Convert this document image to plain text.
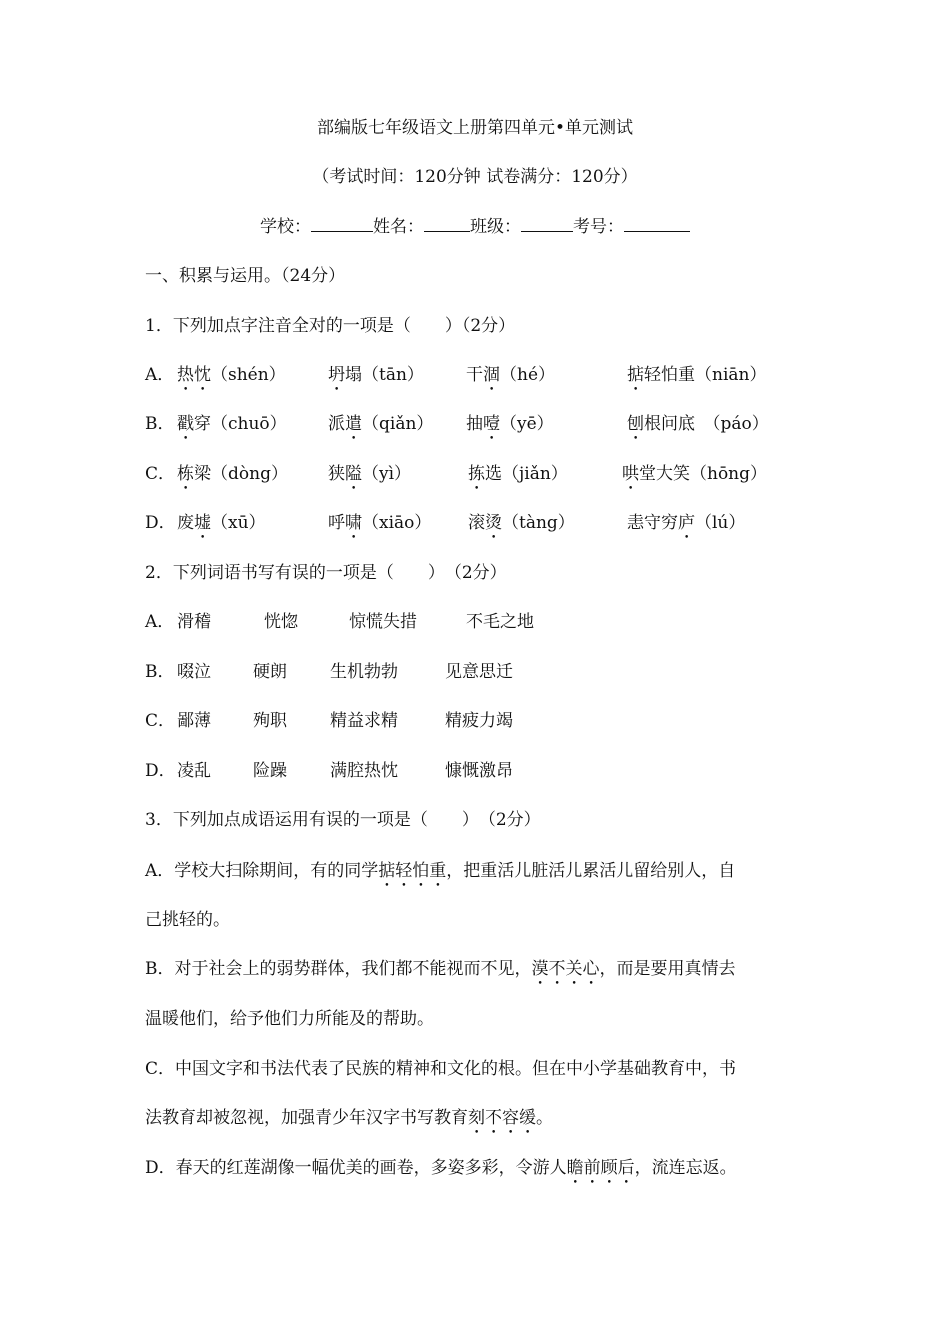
部编版七年级语文上册第四单元•单元测试
（考试时间：120分钟 试卷满分：120分）
学校：	姓名：	班级：	考号：
一、积累与运用。（24分）
1．下列加点字注音全对的一项是（　　）（2分）
A． 热忱（shén） 坍塌（tān） 干涸（hé）	掂轻怕重（niān）
B． 戳穿（chuō） 派遣（qiǎn） 抽噎（yē）	刨根问底　（páo）
C． 栋梁（dòng） 狭隘（yì）	拣选（jiǎn）	哄堂大笑（hōng）
D． 废墟（xū）	呼啸（xiāo） 滚烫（tàng）	恚守穷庐（lú）
2．下列词语书写有误的一项是（　　）　（2分）
A． 滑稽	恍惚	惊慌失措	不毛之地
B． 啜泣 硬朗	生机勃勃	见意思迁
C． 鄙薄 殉职	精益求精	精疲力竭
D． 凌乱 险躁	满腔热忱	慷慨激昂
3．下列加点成语运用有误的一项是（　　）　（2分）
A．学校大扫除期间，有的同学掂轻怕重，把重活儿脏活儿累活儿留给别人，自
己挑轻的。
B．对于社会上的弱势群体，我们都不能视而不见，漠不关心，而是要用真情去
温暖他们，给予他们力所能及的帮助。
C．中国文字和书法代表了民族的精神和文化的根。但在中小学基础教育中，书
法教育却被忽视，加强青少年汉字书写教育刻不容缓。
D．春天的红莲湖像一幅优美的画卷，多姿多彩，令游人瞻前顾后，流连忘返。
